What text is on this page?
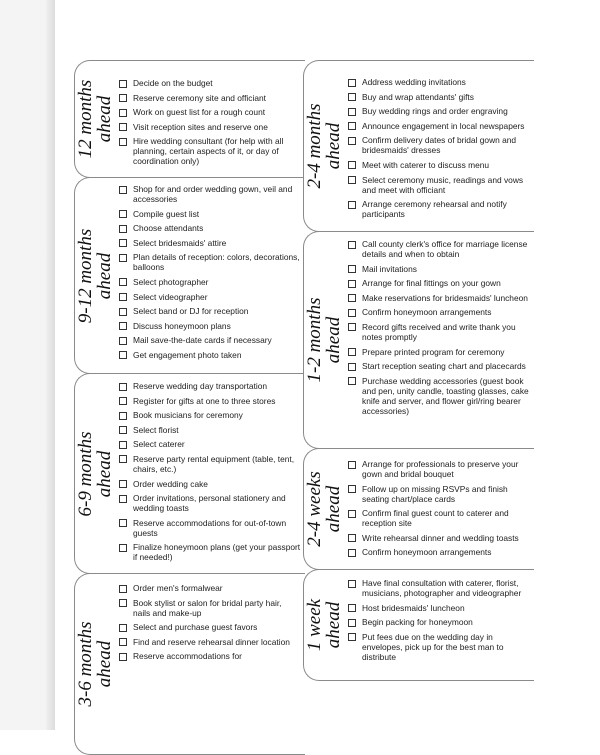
12 months
ahead
Decide on the budget
Reserve ceremony site and officiant
Work on guest list for a rough count
Visit reception sites and reserve one
Hire wedding consultant (for help with all planning, certain aspects of it, or day of coordination only)
9-12 months
ahead
Shop for and order wedding gown, veil and accessories
Compile guest list
Choose attendants
Select bridesmaids' attire
Plan details of reception: colors, decorations, balloons
Select photographer
Select videographer
Select band or DJ for reception
Discuss honeymoon plans
Mail save-the-date cards if necessary
Get engagement photo taken
6-9 months
ahead
Reserve wedding day transportation
Register for gifts at one to three stores
Book musicians for ceremony
Select florist
Select caterer
Reserve party rental equipment (table, tent, chairs, etc.)
Order wedding cake
Order invitations, personal stationery and wedding toasts
Reserve accommodations for out-of-town guests
Finalize honeymoon plans (get your passport if needed!)
3-6 months
ahead
Order men's formalwear
Book stylist or salon for bridal party hair, nails and make-up
Select and purchase guest favors
Find and reserve rehearsal dinner location
Reserve accommodations for
2-4 months
ahead
Address wedding invitations
Buy and wrap attendants' gifts
Buy wedding rings and order engraving
Announce engagement in local newspapers
Confirm delivery dates of bridal gown and bridesmaids' dresses
Meet with caterer to discuss menu
Select ceremony music, readings and vows and meet with officiant
Arrange ceremony rehearsal and notify participants
1-2 months
ahead
Call county clerk's office for marriage license details and when to obtain
Mail invitations
Arrange for final fittings on your gown
Make reservations for bridesmaids' luncheon
Confirm honeymoon arrangements
Record gifts received and write thank you notes promptly
Prepare printed program for ceremony
Start reception seating chart and placecards
Purchase wedding accessories (guest book and pen, unity candle, toasting glasses, cake knife and server, and flower girl/ring bearer accessories)
2-4 weeks
ahead
Arrange for professionals to preserve your gown and bridal bouquet
Follow up on missing RSVPs and finish seating chart/place cards
Confirm final guest count to caterer and reception site
Write rehearsal dinner and wedding toasts
Confirm honeymoon arrangements
1 week
ahead
Have final consultation with caterer, florist, musicians, photographer and videographer
Host bridesmaids' luncheon
Begin packing for honeymoon
Put fees due on the wedding day in envelopes, pick up for the best man to distribute
